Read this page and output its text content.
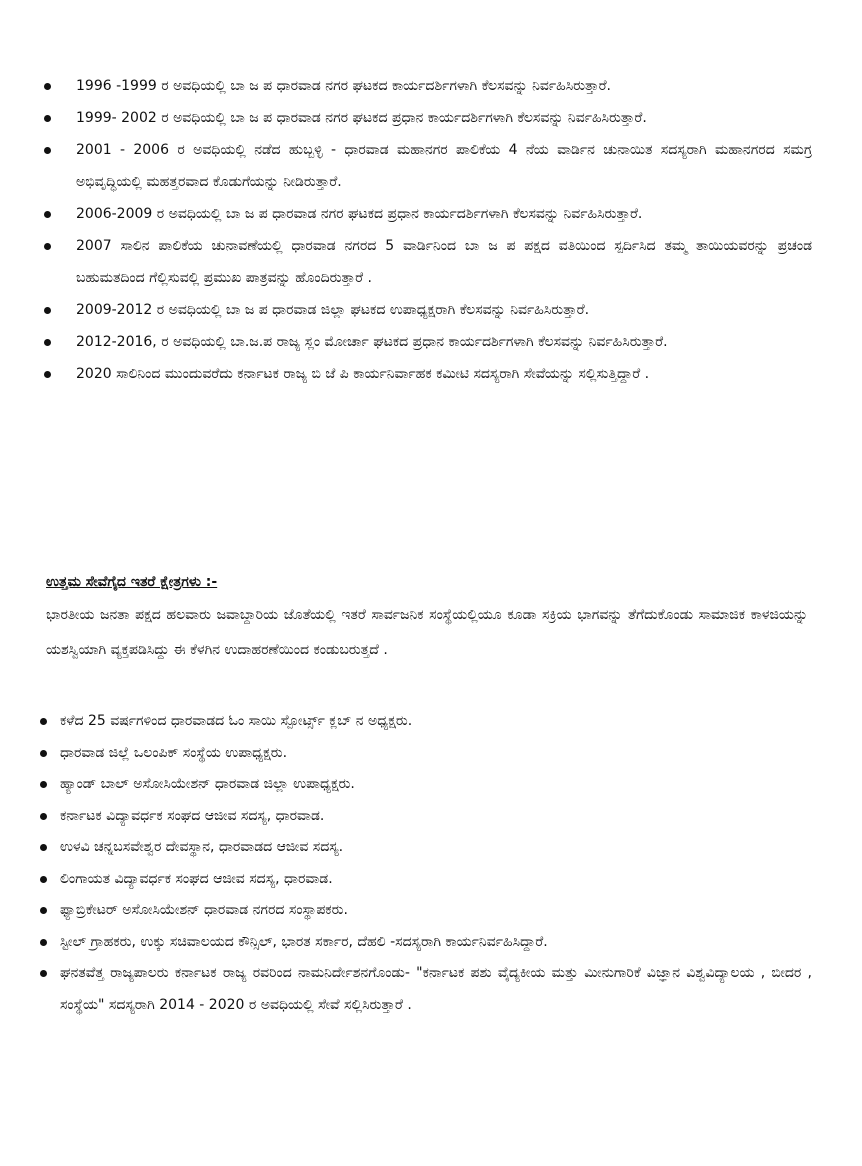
1996 -1999 ರ ಅವಧಿಯಲ್ಲಿ ಬಾ ಜ ಪ ಧಾರವಾಡ ನಗರ ಘಟಕದ ಕಾರ್ಯದರ್ಶಿಗಳಾಗಿ ಕೆಲಸವನ್ನು ನಿರ್ವಹಿಸಿರುತ್ತಾರೆ.
1999- 2002 ರ ಅವಧಿಯಲ್ಲಿ ಬಾ ಜ ಪ ಧಾರವಾಡ ನಗರ ಘಟಕದ ಪ್ರಧಾನ ಕಾರ್ಯದರ್ಶಿಗಳಾಗಿ ಕೆಲಸವನ್ನು ನಿರ್ವಹಿಸಿರುತ್ತಾರೆ.
2001 - 2006 ರ ಅವಧಿಯಲ್ಲಿ ನಡೆದ ಹುಬ್ಬಳ್ಳಿ - ಧಾರವಾಡ ಮಹಾನಗರ ಪಾಲಿಕೆಯ 4 ನೆಯ ವಾರ್ಡಿನ ಚುನಾಯಿತ ಸದಸ್ಯರಾಗಿ ಮಹಾನಗರದ ಸಮಗ್ರ ಅಭಿವೃದ್ಧಿಯಲ್ಲಿ ಮಹತ್ತರವಾದ ಕೊಡುಗೆಯನ್ನು ನೀಡಿರುತ್ತಾರೆ.
2006-2009 ರ ಅವಧಿಯಲ್ಲಿ ಬಾ ಜ ಪ ಧಾರವಾಡ ನಗರ ಘಟಕದ ಪ್ರಧಾನ ಕಾರ್ಯದರ್ಶಿಗಳಾಗಿ ಕೆಲಸವನ್ನು ನಿರ್ವಹಿಸಿರುತ್ತಾರೆ.
2007 ಸಾಲಿನ ಪಾಲಿಕೆಯ ಚುನಾವಣೆಯಲ್ಲಿ ಧಾರವಾಡ ನಗರದ 5 ವಾರ್ಡಿನಿಂದ ಬಾ ಜ ಪ ಪಕ್ಷದ ವತಿಯಿಂದ ಸ್ಪರ್ದಿಸಿದ ತಮ್ಮ ತಾಯಿಯವರನ್ನು ಪ್ರಚಂಡ ಬಹುಮತದಿಂದ ಗೆಲ್ಲಿಸುವಲ್ಲಿ ಪ್ರಮುಖ ಪಾತ್ರವನ್ನು ಹೊಂದಿರುತ್ತಾರೆ .
2009-2012 ರ ಅವಧಿಯಲ್ಲಿ ಬಾ ಜ ಪ ಧಾರವಾಡ ಜಿಲ್ಲಾ ಘಟಕದ ಉಪಾಧ್ಯಕ್ಷರಾಗಿ ಕೆಲಸವನ್ನು ನಿರ್ವಹಿಸಿರುತ್ತಾರೆ.
2012-2016, ರ ಅವಧಿಯಲ್ಲಿ ಬಾ.ಜ.ಪ ರಾಜ್ಯ ಸ್ಲಂ ಮೋರ್ಚಾ ಘಟಕದ ಪ್ರಧಾನ ಕಾರ್ಯದರ್ಶಿಗಳಾಗಿ ಕೆಲಸವನ್ನು ನಿರ್ವಹಿಸಿರುತ್ತಾರೆ.
2020 ಸಾಲಿನಿಂದ ಮುಂದುವರೆದು ಕರ್ನಾಟಕ ರಾಜ್ಯ ಬಿ ಜೆ ಪಿ ಕಾರ್ಯನಿರ್ವಾಹಕ ಕಮೀಟಿ ಸದಸ್ಯರಾಗಿ ಸೇವೆಯನ್ನು ಸಲ್ಲಿಸುತ್ತಿದ್ದಾರೆ .

ಉತ್ತಮ ಸೇವೆಗೈದ ಇತರೆ ಕ್ಷೇತ್ರಗಳು :-

ಭಾರತೀಯ ಜನತಾ ಪಕ್ಷದ ಹಲವಾರು ಜವಾಬ್ದಾರಿಯ ಜೊತೆಯಲ್ಲಿ ಇತರೆ ಸಾರ್ವಜನಿಕ ಸಂಸ್ಥೆಯಲ್ಲಿಯೂ ಕೂಡಾ ಸಕ್ರಿಯ ಭಾಗವನ್ನು ತೆಗೆದುಕೊಂಡು ಸಾಮಾಜಿಕ ಕಾಳಜಿಯನ್ನು ಯಶಸ್ವಿಯಾಗಿ ವ್ಯಕ್ತಪಡಿಸಿದ್ದು ಈ ಕೆಳಗಿನ ಉದಾಹರಣೆಯಿಂದ ಕಂಡುಬರುತ್ತದೆ .

ಕಳೆದ 25 ವರ್ಷಗಳಿಂದ ಧಾರವಾಡದ ಓಂ ಸಾಯಿ ಸ್ಪೋರ್ಟ್ಸ್ ಕ್ಲಬ್ ನ ಅಧ್ಯಕ್ಷರು.
ಧಾರವಾಡ ಜಿಲ್ಲೆ ಒಲಂಪಿಕ್ ಸಂಸ್ಥೆಯ ಉಪಾಧ್ಯಕ್ಷರು.
ಹ್ಯಾಂಡ್ ಬಾಲ್ ಅಸೋಸಿಯೇಶನ್ ಧಾರವಾಡ ಜಿಲ್ಲಾ ಉಪಾಧ್ಯಕ್ಷರು.
ಕರ್ನಾಟಕ ವಿದ್ಯಾವರ್ಧಕ ಸಂಘದ ಆಜೀವ ಸದಸ್ಯ, ಧಾರವಾಡ.
ಉಳವಿ ಚನ್ನಬಸವೇಶ್ವರ ದೇವಸ್ಥಾನ, ಧಾರವಾಡದ ಆಜೀವ ಸದಸ್ಯ.
ಲಿಂಗಾಯತ ವಿದ್ಯಾವರ್ಧಕ ಸಂಘದ ಆಜೀವ ಸದಸ್ಯ, ಧಾರವಾಡ.
ಫ್ಯಾಬ್ರಿಕೇಟರ್ ಅಸೋಸಿಯೇಶನ್ ಧಾರವಾಡ ನಗರದ ಸಂಸ್ಥಾಪಕರು.
ಸ್ಟೀಲ್ ಗ್ರಾಹಕರು, ಉಕ್ಕು ಸಚಿವಾಲಯದ ಕೌನ್ಸಿಲ್, ಭಾರತ ಸರ್ಕಾರ, ದೆಹಲಿ -ಸದಸ್ಯರಾಗಿ ಕಾರ್ಯನಿರ್ವಹಿಸಿದ್ದಾರೆ.
ಘನತವೆತ್ತ ರಾಜ್ಯಪಾಲರು ಕರ್ನಾಟಕ ರಾಜ್ಯ ರವರಿಂದ ನಾಮನಿರ್ದೇಶನಗೊಂಡು- "ಕರ್ನಾಟಕ ಪಶು ವೈದ್ಯಕೀಯ ಮತ್ತು ಮೀನುಗಾರಿಕೆ ವಿಜ್ಞಾನ ವಿಶ್ವವಿದ್ಯಾಲಯ , ಬೀದರ , ಸಂಸ್ಥೆಯ" ಸದಸ್ಯರಾಗಿ 2014 - 2020 ರ ಅವಧಿಯಲ್ಲಿ ಸೇವೆ ಸಲ್ಲಿಸಿರುತ್ತಾರೆ .
